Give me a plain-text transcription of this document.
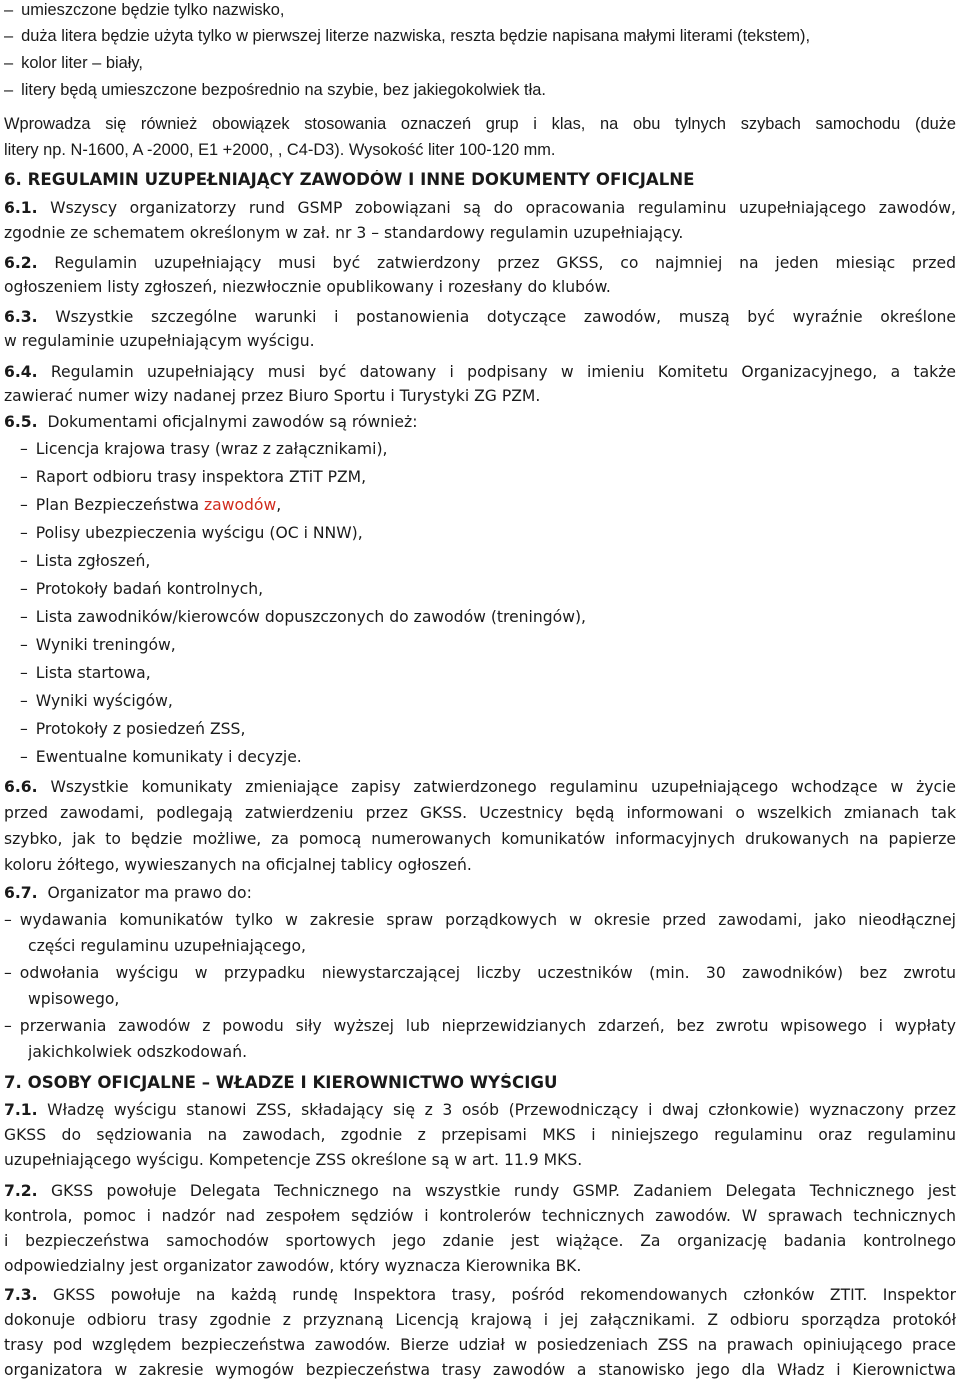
– umieszczone będzie tylko nazwisko,
– duża litera będzie użyta tylko w pierwszej literze nazwiska, reszta będzie napisana małymi literami (tekstem),
– kolor liter – biały,
– litery będą umieszczone bezpośrednio na szybie, bez jakiegokolwiek tła.
Wprowadza się również obowiązek stosowania oznaczeń grup i klas, na obu tylnych szybach samochodu (duże
litery np. N-1600, A -2000, E1 +2000, , C4-D3). Wysokość liter 100-120 mm.
6. REGULAMIN UZUPEŁNIAJĄCY ZAWODÓW I INNE DOKUMENTY OFICJALNE
6.1. Wszyscy organizatorzy rund GSMP zobowiązani są do opracowania regulaminu uzupełniającego zawodów,
zgodnie ze schematem określonym w zał. nr 3 – standardowy regulamin uzupełniający.
6.2. Regulamin uzupełniający musi być zatwierdzony przez GKSS, co najmniej na jeden miesiąc przed
ogłoszeniem listy zgłoszeń, niezwłocznie opublikowany i rozesłany do klubów.
6.3. Wszystkie szczególne warunki i postanowienia dotyczące zawodów, muszą być wyraźnie określone
w regulaminie uzupełniającym wyścigu.
6.4. Regulamin uzupełniający musi być datowany i podpisany w imieniu Komitetu Organizacyjnego, a także
zawierać numer wizy nadanej przez Biuro Sportu i Turystyki ZG PZM.
6.5. Dokumentami oficjalnymi zawodów są również:
– Licencja krajowa trasy (wraz z załącznikami),
– Raport odbioru trasy inspektora ZTiT PZM,
– Plan Bezpieczeństwa zawodów,
– Polisy ubezpieczenia wyścigu (OC i NNW),
– Lista zgłoszeń,
– Protokoły badań kontrolnych,
– Lista zawodników/kierowców dopuszczonych do zawodów (treningów),
– Wyniki treningów,
– Lista startowa,
– Wyniki wyścigów,
– Protokoły z posiedzeń ZSS,
– Ewentualne komunikaty i decyzje.
6.6. Wszystkie komunikaty zmieniające zapisy zatwierdzonego regulaminu uzupełniającego wchodzące w życie
przed zawodami, podlegają zatwierdzeniu przez GKSS. Uczestnicy będą informowani o wszelkich zmianach tak
szybko, jak to będzie możliwe, za pomocą numerowanych komunikatów informacyjnych drukowanych na papierze
koloru żółtego, wywieszanych na oficjalnej tablicy ogłoszeń.
6.7. Organizator ma prawo do:
– wydawania komunikatów tylko w zakresie spraw porządkowych w okresie przed zawodami, jako nieodłącznej
części regulaminu uzupełniającego,
– odwołania wyścigu w przypadku niewystarczającej liczby uczestników (min. 30 zawodników) bez zwrotu
wpisowego,
– przerwania zawodów z powodu siły wyższej lub nieprzewidzianych zdarzeń, bez zwrotu wpisowego i wypłaty
jakichkolwiek odszkodowań.
7. OSOBY OFICJALNE – WŁADZE I KIEROWNICTWO WYŚCIGU
7.1. Władzę wyścigu stanowi ZSS, składający się z 3 osób (Przewodniczący i dwaj członkowie) wyznaczony przez
GKSS do sędziowania na zawodach, zgodnie z przepisami MKS i niniejszego regulaminu oraz regulaminu
uzupełniającego wyścigu. Kompetencje ZSS określone są w art. 11.9 MKS.
7.2. GKSS powołuje Delegata Technicznego na wszystkie rundy GSMP. Zadaniem Delegata Technicznego jest
kontrola, pomoc i nadzór nad zespołem sędziów i kontrolerów technicznych zawodów. W sprawach technicznych
i bezpieczeństwa samochodów sportowych jego zdanie jest wiążące. Za organizację badania kontrolnego
odpowiedzialny jest organizator zawodów, który wyznacza Kierownika BK.
7.3. GKSS powołuje na każdą rundę Inspektora trasy, pośród rekomendowanych członków ZTIT. Inspektor
dokonuje odbioru trasy zgodnie z przyznaną Licencją krajową i jej załącznikami. Z odbioru sporządza protokół
trasy pod względem bezpieczeństwa zawodów. Bierze udział w posiedzeniach ZSS na prawach opiniującego prace
organizatora w zakresie wymogów bezpieczeństwa trasy zawodów a stanowisko jego dla Władz i Kierownictwa
